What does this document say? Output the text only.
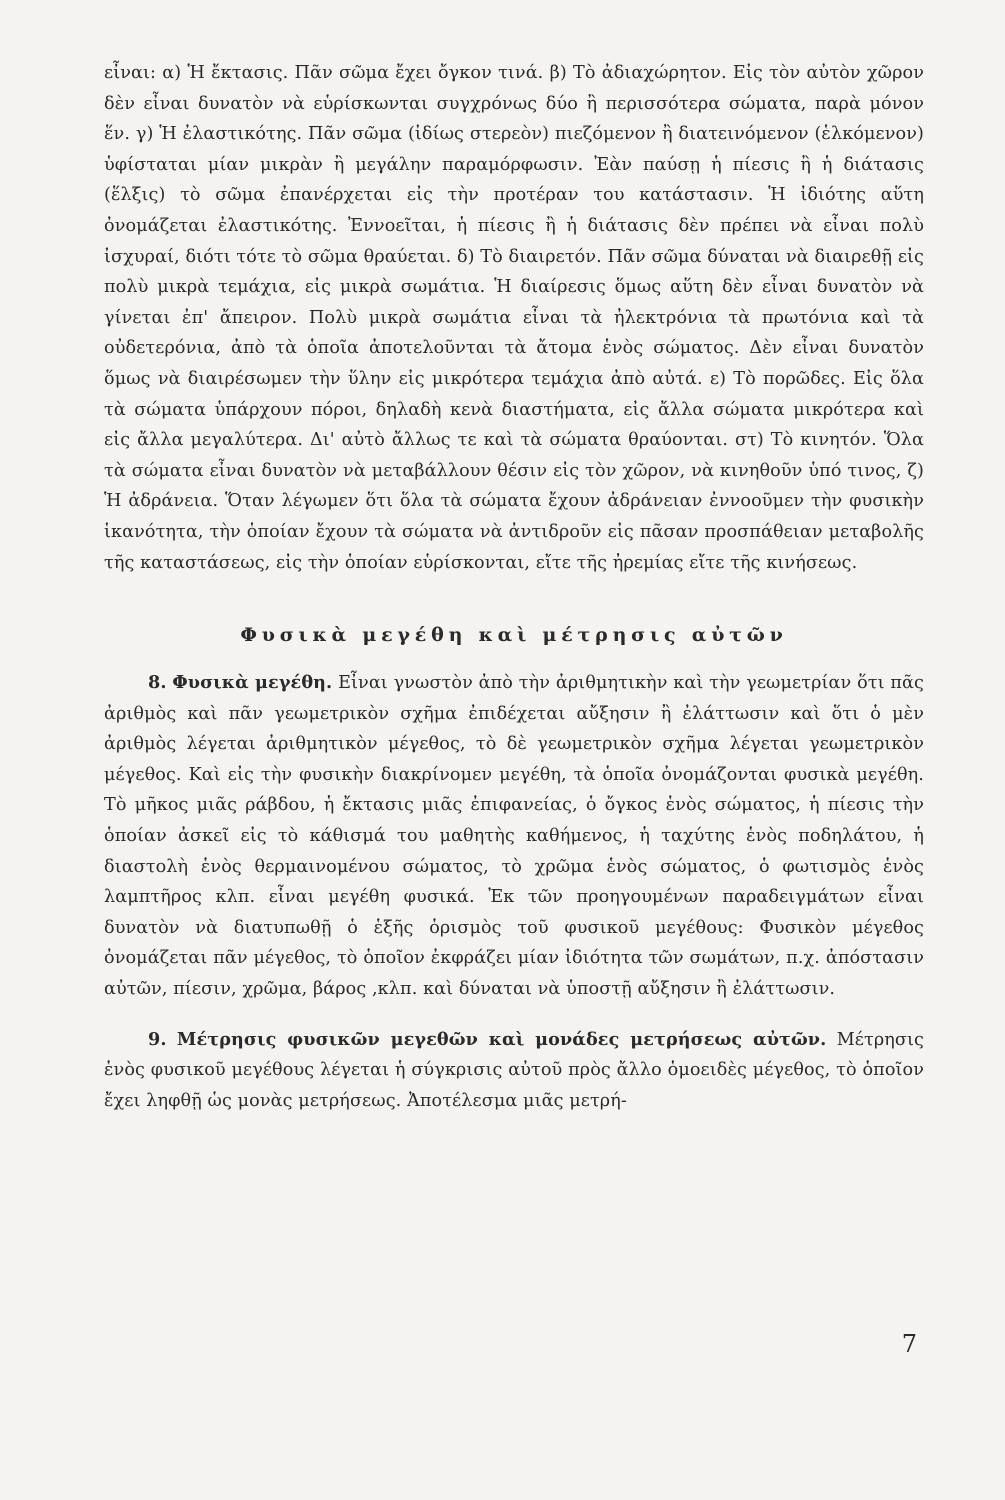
εἶναι: α) Ἡ ἔκτασις. Πᾶν σῶμα ἔχει ὄγκον τινά. β) Τὸ ἀδιαχώρητον. Εἰς τὸν αὐτὸν χῶρον δὲν εἶναι δυνατὸν νὰ εὑρίσκωνται συγχρόνως δύο ἢ περισσότερα σώματα, παρὰ μόνον ἕν. γ) Ἡ ἐλαστικότης. Πᾶν σῶμα (ἰδίως στερεὸν) πιεζόμενον ἢ διατεινόμενον (ἑλκόμενον) ὑφίσταται μίαν μικρὰν ἢ μεγάλην παραμόρφωσιν. Ἐὰν παύσῃ ἡ πίεσις ἢ ἡ διάτασις (ἕλξις) τὸ σῶμα ἐπανέρχεται εἰς τὴν προτέραν του κατάστασιν. Ἡ ἰδιότης αὕτη ὀνομάζεται ἐλαστικότης. Ἐννοεῖται, ἡ πίεσις ἢ ἡ διάτασις δὲν πρέπει νὰ εἶναι πολὺ ἰσχυραί, διότι τότε τὸ σῶμα θραύεται. δ) Τὸ διαιρετόν. Πᾶν σῶμα δύναται νὰ διαιρεθῇ εἰς πολὺ μικρὰ τεμάχια, εἰς μικρὰ σωμάτια. Ἡ διαίρεσις ὅμως αὕτη δὲν εἶναι δυνατὸν νὰ γίνεται ἐπ' ἄπειρον. Πολὺ μικρὰ σωμάτια εἶναι τὰ ἠλεκτρόνια τὰ πρωτόνια καὶ τὰ οὐδετερόνια, ἀπὸ τὰ ὁποῖα ἀποτελοῦνται τὰ ἄτομα ἑνὸς σώματος. Δὲν εἶναι δυνατὸν ὅμως νὰ διαιρέσωμεν τὴν ὕλην εἰς μικρότερα τεμάχια ἀπὸ αὐτά. ε) Τὸ πορῶδες. Εἰς ὅλα τὰ σώματα ὑπάρχουν πόροι, δηλαδὴ κενὰ διαστήματα, εἰς ἄλλα σώματα μικρότερα καὶ εἰς ἄλλα μεγαλύτερα. Δι' αὐτὸ ἄλλως τε καὶ τὰ σώματα θραύονται. στ) Τὸ κινητόν. Ὅλα τὰ σώματα εἶναι δυνατὸν νὰ μεταβάλλουν θέσιν εἰς τὸν χῶρον, νὰ κινηθοῦν ὑπό τινος, ζ) Ἡ ἀδράνεια. Ὅταν λέγωμεν ὅτι ὅλα τὰ σώματα ἔχουν ἀδράνειαν ἐννοοῦμεν τὴν φυσικὴν ἱκανότητα, τὴν ὁποίαν ἔχουν τὰ σώματα νὰ ἀντιδροῦν εἰς πᾶσαν προσπάθειαν μεταβολῆς τῆς καταστάσεως, εἰς τὴν ὁποίαν εὑρίσκονται, εἴτε τῆς ἠρεμίας εἴτε τῆς κινήσεως.

Φυσικὰ μεγέθη καὶ μέτρησις αὐτῶν

8. Φυσικὰ μεγέθη. Εἶναι γνωστὸν ἀπὸ τὴν ἀριθμητικὴν καὶ τὴν γεωμετρίαν ὅτι πᾶς ἀριθμὸς καὶ πᾶν γεωμετρικὸν σχῆμα ἐπιδέχεται αὔξησιν ἢ ἐλάττωσιν καὶ ὅτι ὁ μὲν ἀριθμὸς λέγεται ἀριθμητικὸν μέγεθος, τὸ δὲ γεωμετρικὸν σχῆμα λέγεται γεωμετρικὸν μέγεθος. Καὶ εἰς τὴν φυσικὴν διακρίνομεν μεγέθη, τὰ ὁποῖα ὀνομάζονται φυσικὰ μεγέθη. Τὸ μῆκος μιᾶς ράβδου, ἡ ἔκτασις μιᾶς ἐπιφανείας, ὁ ὄγκος ἑνὸς σώματος, ἡ πίεσις τὴν ὁποίαν ἀσκεῖ εἰς τὸ κάθισμά του μαθητὴς καθήμενος, ἡ ταχύτης ἑνὸς ποδηλάτου, ἡ διαστολὴ ἑνὸς θερμαινομένου σώματος, τὸ χρῶμα ἑνὸς σώματος, ὁ φωτισμὸς ἑνὸς λαμπτῆρος κλπ. εἶναι μεγέθη φυσικά. Ἐκ τῶν προηγουμένων παραδειγμάτων εἶναι δυνατὸν νὰ διατυπωθῇ ὁ ἑξῆς ὁρισμὸς τοῦ φυσικοῦ μεγέθους: Φυσικὸν μέγεθος ὀνομάζεται πᾶν μέγεθος, τὸ ὁποῖον ἐκφράζει μίαν ἰδιότητα τῶν σωμάτων, π.χ. ἀπόστασιν αὐτῶν, πίεσιν, χρῶμα, βάρος ,κλπ. καὶ δύναται νὰ ὑποστῇ αὔξησιν ἢ ἐλάττωσιν.

9. Μέτρησις φυσικῶν μεγεθῶν καὶ μονάδες μετρήσεως αὐτῶν. Μέτρησις ἑνὸς φυσικοῦ μεγέθους λέγεται ἡ σύγκρισις αὐτοῦ πρὸς ἄλλο ὁμοειδὲς μέγεθος, τὸ ὁποῖον ἔχει ληφθῇ ὡς μονὰς μετρήσεως. Ἀποτέλεσμα μιᾶς μετρή-

7
